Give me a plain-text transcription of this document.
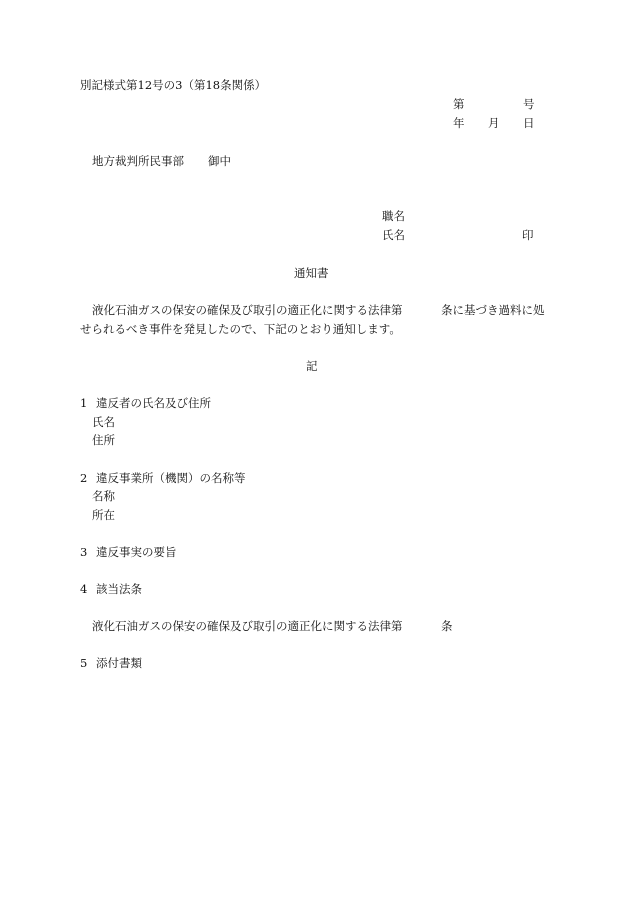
別記様式第12号の3（第18条関係）
第	号
年 月 日
地方裁判所民事部 御中
職名
氏名	印
通知書
液化石油ガスの保安の確保及び取引の適正化に関する法律第	条に基づき過料に処
せられるべき事件を発見したので、下記のとおり通知します。
記
1 違反者の氏名及び住所
氏名
住所
2 違反事業所（機関）の名称等
名称
所在
3 違反事実の要旨
4 該当法条
液化石油ガスの保安の確保及び取引の適正化に関する法律第	条
5 添付書類
